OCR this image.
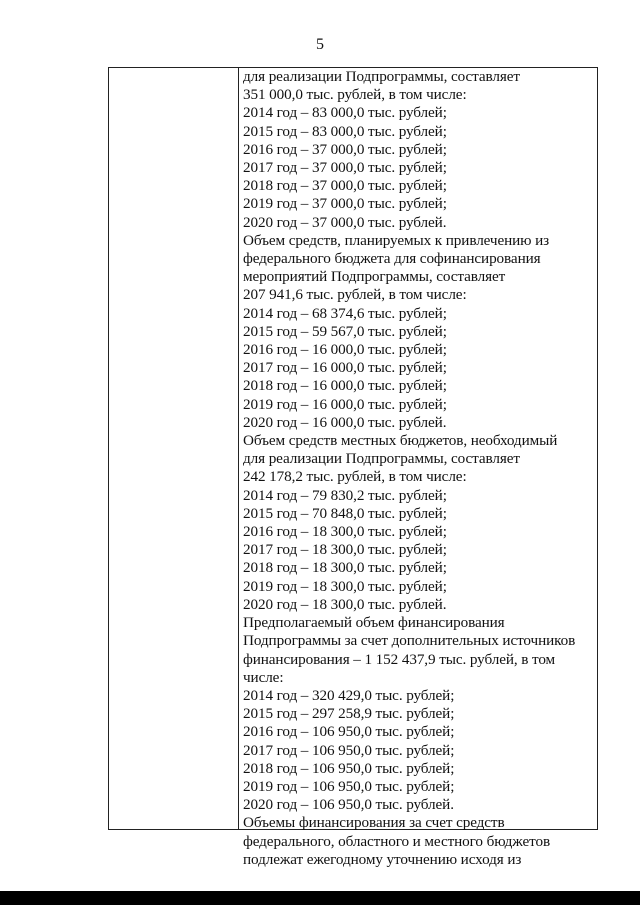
5
для реализации Подпрограммы, составляет
351 000,0 тыс. рублей, в том числе:
2014 год – 83 000,0 тыс. рублей;
2015 год – 83 000,0 тыс. рублей;
2016 год – 37 000,0 тыс. рублей;
2017 год – 37 000,0 тыс. рублей;
2018 год – 37 000,0 тыс. рублей;
2019 год – 37 000,0 тыс. рублей;
2020 год – 37 000,0 тыс. рублей.
Объем средств, планируемых к привлечению из
федерального бюджета для софинансирования
мероприятий Подпрограммы, составляет
207 941,6 тыс. рублей, в том числе:
2014 год – 68 374,6 тыс. рублей;
2015 год – 59 567,0 тыс. рублей;
2016 год – 16 000,0 тыс. рублей;
2017 год – 16 000,0 тыс. рублей;
2018 год – 16 000,0 тыс. рублей;
2019 год – 16 000,0 тыс. рублей;
2020 год – 16 000,0 тыс. рублей.
Объем средств местных бюджетов, необходимый
для реализации Подпрограммы, составляет
242 178,2 тыс. рублей, в том числе:
2014 год – 79 830,2 тыс. рублей;
2015 год – 70 848,0 тыс. рублей;
2016 год – 18 300,0 тыс. рублей;
2017 год – 18 300,0 тыс. рублей;
2018 год – 18 300,0 тыс. рублей;
2019 год – 18 300,0 тыс. рублей;
2020 год – 18 300,0 тыс. рублей.
Предполагаемый объем финансирования
Подпрограммы за счет дополнительных источников
финансирования – 1 152 437,9 тыс. рублей, в том
числе:
2014 год – 320 429,0 тыс. рублей;
2015 год – 297 258,9 тыс. рублей;
2016 год – 106 950,0 тыс. рублей;
2017 год – 106 950,0 тыс. рублей;
2018 год – 106 950,0 тыс. рублей;
2019 год – 106 950,0 тыс. рублей;
2020 год – 106 950,0 тыс. рублей.
Объемы финансирования за счет средств
федерального, областного и местного бюджетов
подлежат ежегодному уточнению исходя из
